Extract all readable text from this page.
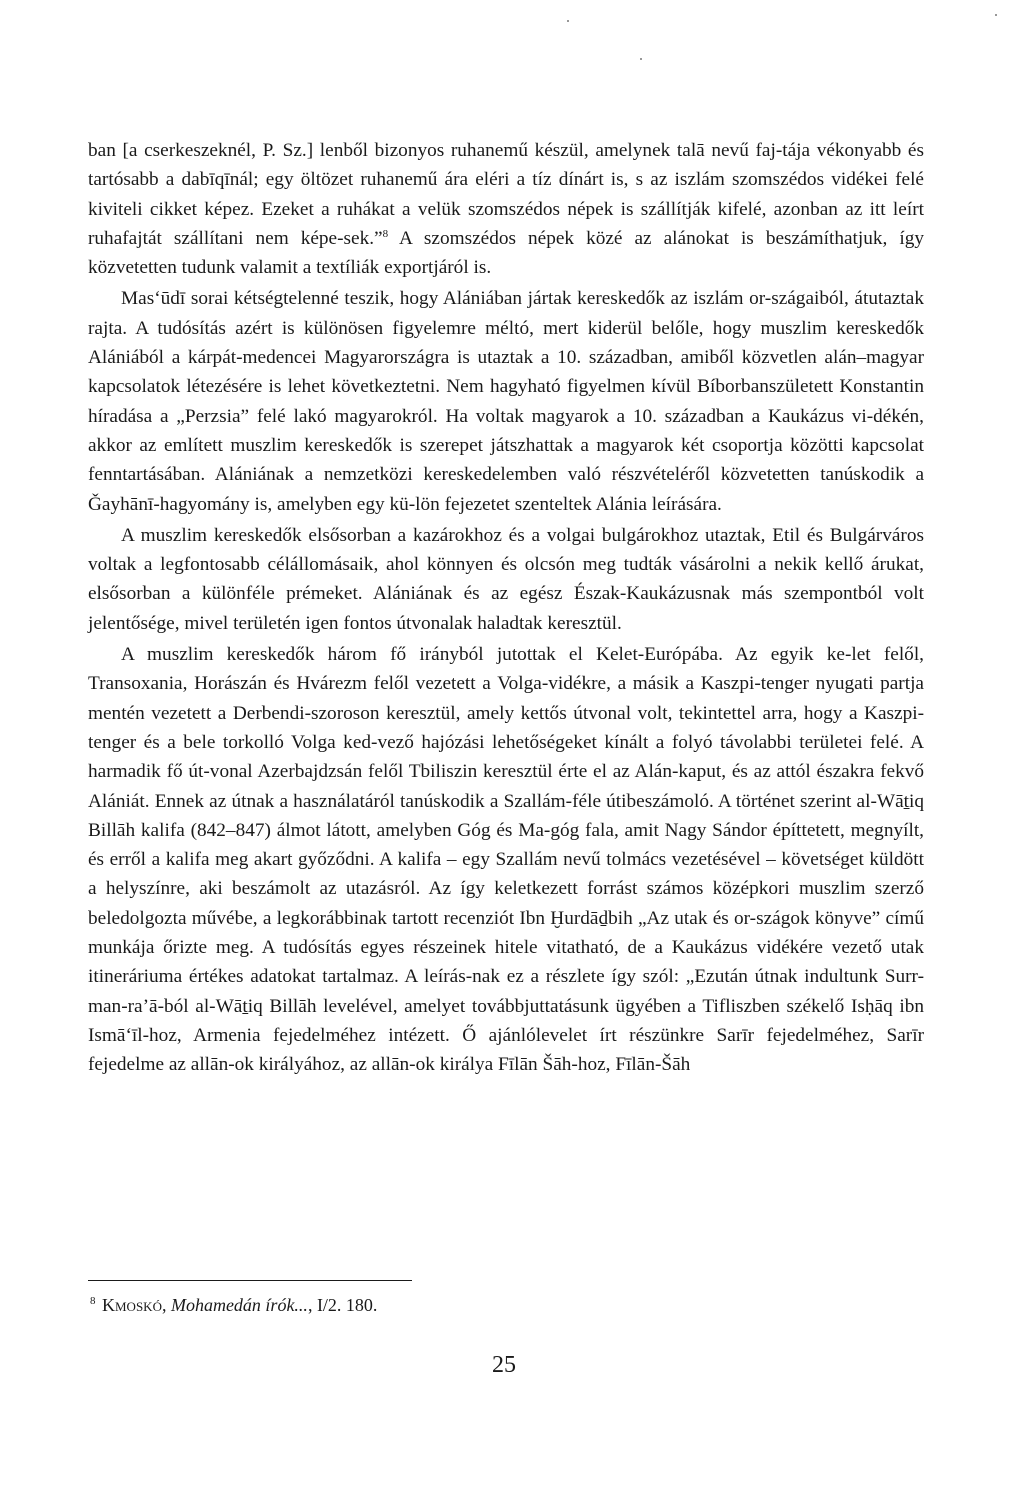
ban [a cserkeszeknél, P. Sz.] lenből bizonyos ruhanemű készül, amelynek talā nevű faj-tája vékonyabb és tartósabb a dabīqīnál; egy öltözet ruhanemű ára eléri a tíz dínárt is, s az iszlám szomszédos vidékei felé kiviteli cikket képez. Ezeket a ruhákat a velük szomszédos népek is szállítják kifelé, azonban az itt leírt ruhafajtát szállítani nem képe-sek.”$^8$ A szomszédos népek közé az alánokat is beszámíthatjuk, így közvetetten tudunk valamit a textíliák exportjáról is.

Mas‘ūdī sorai kétségtelenné teszik, hogy Alániában jártak kereskedők az iszlám or-szágaiból, átutaztak rajta. A tudósítás azért is különösen figyelemre méltó, mert kiderül belőle, hogy muszlim kereskedők Alániából a kárpát-medencei Magyarországra is utaztak a 10. században, amiből közvetlen alán–magyar kapcsolatok létezésére is lehet következtetni. Nem hagyható figyelmen kívül Bíborbanszületett Konstantin híradása a „Perzsia” felé lakó magyarokról. Ha voltak magyarok a 10. században a Kaukázus vi-dékén, akkor az említett muszlim kereskedők is szerepet játszhattak a magyarok két csoportja közötti kapcsolat fenntartásában. Alániának a nemzetközi kereskedelemben való részvételéről közvetetten tanúskodik a Ǧayhānī-hagyomány is, amelyben egy kü-lön fejezetet szenteltek Alánia leírására.

A muszlim kereskedők elsősorban a kazárokhoz és a volgai bulgárokhoz utaztak, Etil és Bulgárváros voltak a legfontosabb célállomásaik, ahol könnyen és olcsón meg tudták vásárolni a nekik kellő árukat, elsősorban a különféle prémeket. Alániának és az egész Észak-Kaukázusnak más szempontból volt jelentősége, mivel területén igen fontos útvonalak haladtak keresztül.

A muszlim kereskedők három fő irányból jutottak el Kelet-Európába. Az egyik ke-let felől, Transoxania, Horászán és Hvárezm felől vezetett a Volga-vidékre, a másik a Kaszpi-tenger nyugati partja mentén vezetett a Derbendi-szoroson keresztül, amely kettős útvonal volt, tekintettel arra, hogy a Kaszpi-tenger és a bele torkolló Volga ked-vező hajózási lehetőségeket kínált a folyó távolabbi területei felé. A harmadik fő út-vonal Azerbajdzsán felől Tbiliszin keresztül érte el az Alán-kaput, és az attól északra fekvő Alániát. Ennek az útnak a használatáról tanúskodik a Szallám-féle útibeszámoló. A történet szerint al-Wāṯiq Billāh kalifa (842–847) álmot látott, amelyben Góg és Ma-góg fala, amit Nagy Sándor építtetett, megnyílt, és erről a kalifa meg akart győződni. A kalifa – egy Szallám nevű tolmács vezetésével – követséget küldött a helyszínre, aki beszámolt az utazásról. Az így keletkezett forrást számos középkori muszlim szerző beledolgozta művébe, a legkorábbinak tartott recenziót Ibn Ḫurdāḏbih „Az utak és or-szágok könyve” című munkája őrizte meg. A tudósítás egyes részeinek hitele vitatható, de a Kaukázus vidékére vezető utak itineráriuma értékes adatokat tartalmaz. A leírás-nak ez a részlete így szól: „Ezután útnak indultunk Surr-man-ra’ā-ból al-Wāṯiq Billāh levelével, amelyet továbbjuttatásunk ügyében a Tifliszben székelő Isḥāq ibn Ismā‘īl-hoz, Armenia fejedelméhez intézett. Ő ajánlólevelet írt részünkre Sarīr fejedelméhez, Sarīr fejedelme az allān-ok királyához, az allān-ok királya Fīlān Šāh-hoz, Fīlān-Šāh

$^8$ Kmoskó, Mohamedán írók..., I/2. 180.
25
